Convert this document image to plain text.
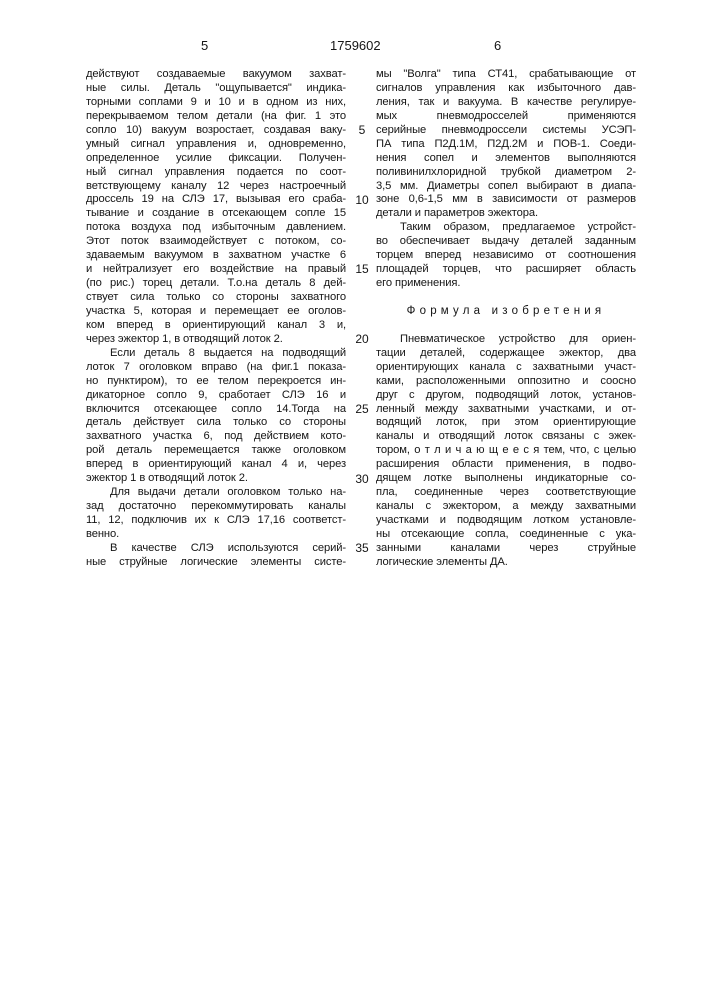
5	1759602	6
действуют создаваемые вакуумом захват-
ные силы. Деталь "ощупывается" индика-
торными соплами 9 и 10 и в одном из них,
перекрываемом телом детали (на фиг. 1 это
сопло 10) вакуум возростает, создавая ваку-
умный сигнал управления и, одновременно,
определенное усилие фиксации. Получен-
ный сигнал управления подается по соот-
ветствующему каналу 12 через настроечный
дроссель 19 на СЛЭ 17, вызывая его сраба-
тывание и создание в отсекающем сопле 15
потока воздуха под избыточным давлением.
Этот поток взаимодействует с потоком, со-
здаваемым вакуумом в захватном участке 6
и нейтрализует его воздействие на правый
(по рис.) торец детали. Т.о.на деталь 8 дей-
ствует сила только со стороны захватного
участка 5, которая и перемещает ее оголов-
ком вперед в ориентирующий канал 3 и,
через эжектор 1, в отводящий лоток 2.
Если деталь 8 выдается на подводящий
лоток 7 оголовком вправо (на фиг.1 показа-
но пунктиром), то ее телом перекроется ин-
дикаторное сопло 9, сработает СЛЭ 16 и
включится отсекающее сопло 14.Тогда на
деталь действует сила только со стороны
захватного участка 6, под действием кото-
рой деталь перемещается также оголовком
вперед в ориентирующий канал 4 и, через
эжектор 1 в отводящий лоток 2.
Для выдачи детали оголовком только на-
зад достаточно перекоммутировать каналы
11, 12, подключив их к СЛЭ 17,16 соответст-
венно.
В качестве СЛЭ используются серий-
ные струйные логические элементы систе-
мы "Волга" типа СТ41, срабатывающие от
сигналов управления как избыточного дав-
ления, так и вакуума. В качестве регулируе-
мых пневмодросселей применяются
серийные пневмодроссели системы УСЭП-
ПА типа П2Д.1М, П2Д.2М и ПОВ-1. Соеди-
нения сопел и элементов выполняются
поливинилхлоридной трубкой диаметром 2-
3,5 мм. Диаметры сопел выбирают в диапа-
зоне 0,6-1,5 мм в зависимости от размеров
детали и параметров эжектора.
Таким образом, предлагаемое устройст-
во обеспечивает выдачу деталей заданным
торцем вперед независимо от соотношения
площадей торцев, что расширяет область
его применения.
Формула изобретения
Пневматическое устройство для ориен-
тации деталей, содержащее эжектор, два
ориентирующих канала с захватными участ-
ками, расположенными оппозитно и соосно
друг с другом, подводящий лоток, установ-
ленный между захватными участками, и от-
водящий лоток, при этом ориентирующие
каналы и отводящий лоток связаны с эжек-
тором, о т л и ч а ю щ е е с я тем, что, с целью
расширения области применения, в подво-
дящем лотке выполнены индикаторные со-
пла, соединенные через соответствующие
каналы с эжектором, а между захватными
участками и подводящим лотком установле-
ны отсекающие сопла, соединенные с ука-
занными каналами через струйные
логические элементы ДА.
5
10
15
20
25
30
35
